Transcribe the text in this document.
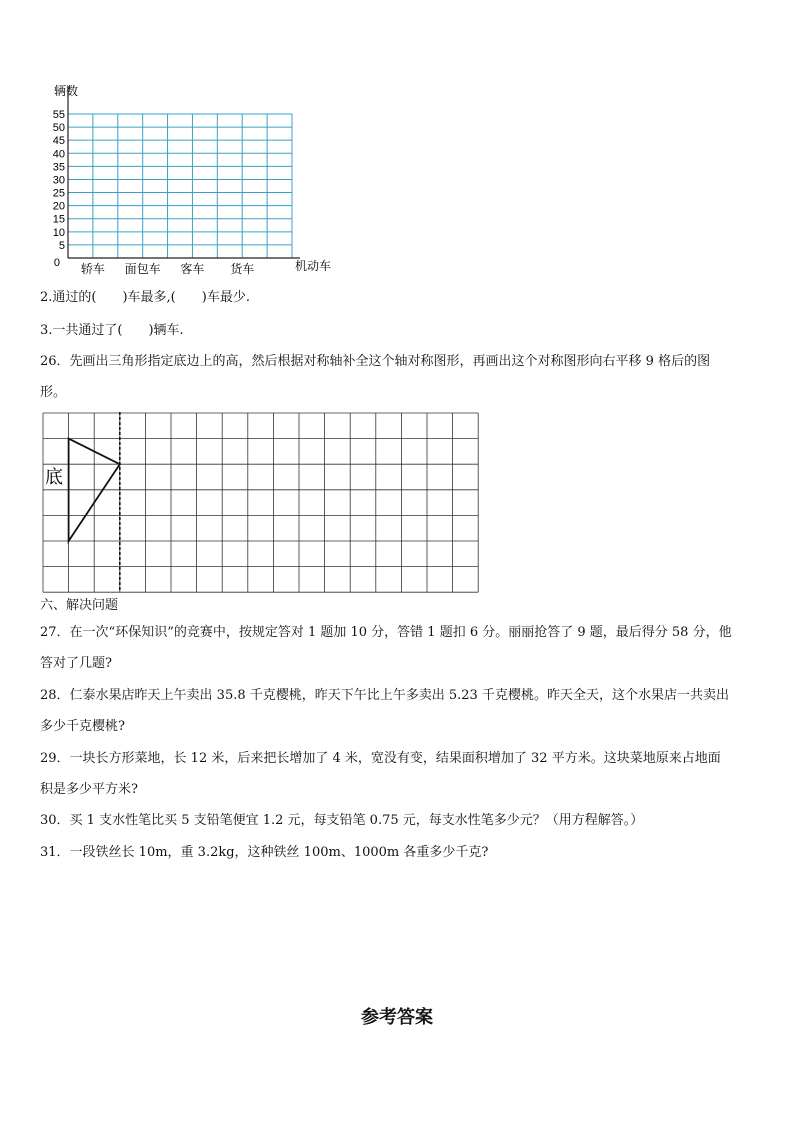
辆数
机动车
0
5
10
15
20
25
30
35
40
45
50
55
轿车 面包车 客车 货车
2.通过的(　　)车最多,(　　)车最少.
3.一共通过了(　　)辆车.
26．先画出三角形指定底边上的高，然后根据对称轴补全这个轴对称图形，再画出这个对称图形向右平移 9 格后的图
形。
底
六、解决问题
27．在一次“环保知识”的竞赛中，按规定答对 1 题加 10 分，答错 1 题扣 6 分。丽丽抢答了 9 题，最后得分 58 分，他
答对了几题?
28．仁泰水果店昨天上午卖出 35.8 千克樱桃，昨天下午比上午多卖出 5.23 千克樱桃。昨天全天，这个水果店一共卖出
多少千克樱桃?
29．一块长方形菜地，长 12 米，后来把长增加了 4 米，宽没有变，结果面积增加了 32 平方米。这块菜地原来占地面
积是多少平方米?
30．买 1 支水性笔比买 5 支铅笔便宜 1.2 元，每支铅笔 0.75 元，每支水性笔多少元？（用方程解答。）
31．一段铁丝长 10m，重 3.2kg，这种铁丝 100m、1000m 各重多少千克?
参考答案
